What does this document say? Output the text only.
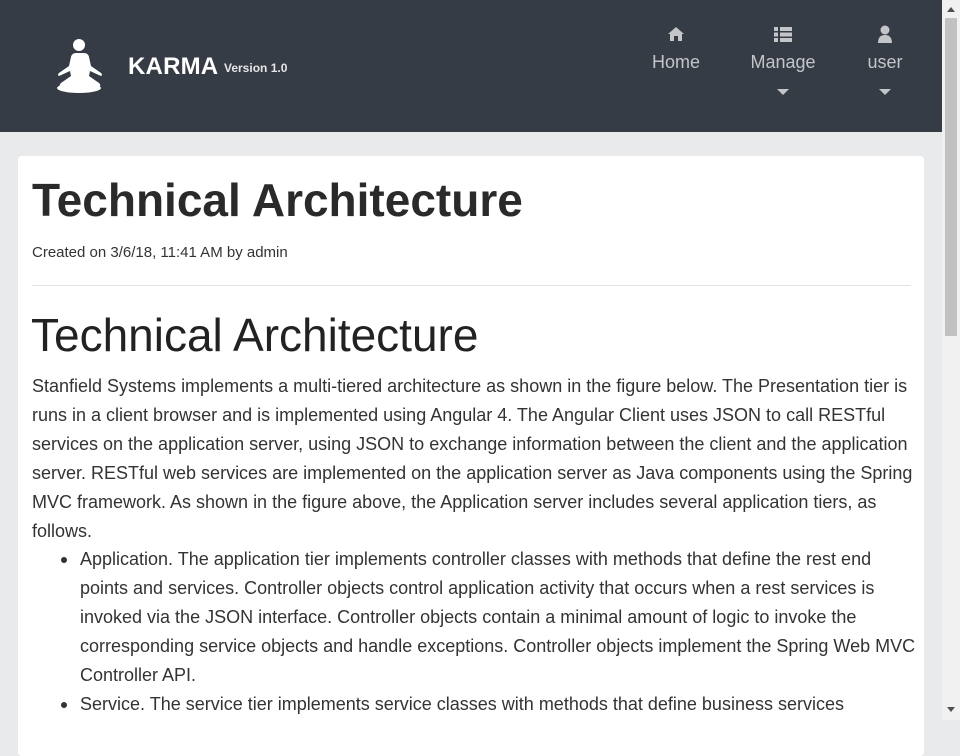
KARMA Version 1.0	Home	Manage	user
Technical Architecture
Created on 3/6/18, 11:41 AM by admin
Technical Architecture

Stanfield Systems implements a multi-tiered architecture as shown in the figure below. The Presentation tier is runs in a client browser and is implemented using Angular 4. The Angular Client uses JSON to call RESTful services on the application server, using JSON to exchange information between the client and the application server. RESTful web services are implemented on the application server as Java components using the Spring MVC framework. As shown in the figure above, the Application server includes several application tiers, as follows.

Application. The application tier implements controller classes with methods that define the rest end points and services. Controller objects control application activity that occurs when a rest services is invoked via the JSON interface. Controller objects contain a minimal amount of logic to invoke the corresponding service objects and handle exceptions. Controller objects implement the Spring Web MVC Controller API.
Service. The service tier implements service classes with methods that define business services
